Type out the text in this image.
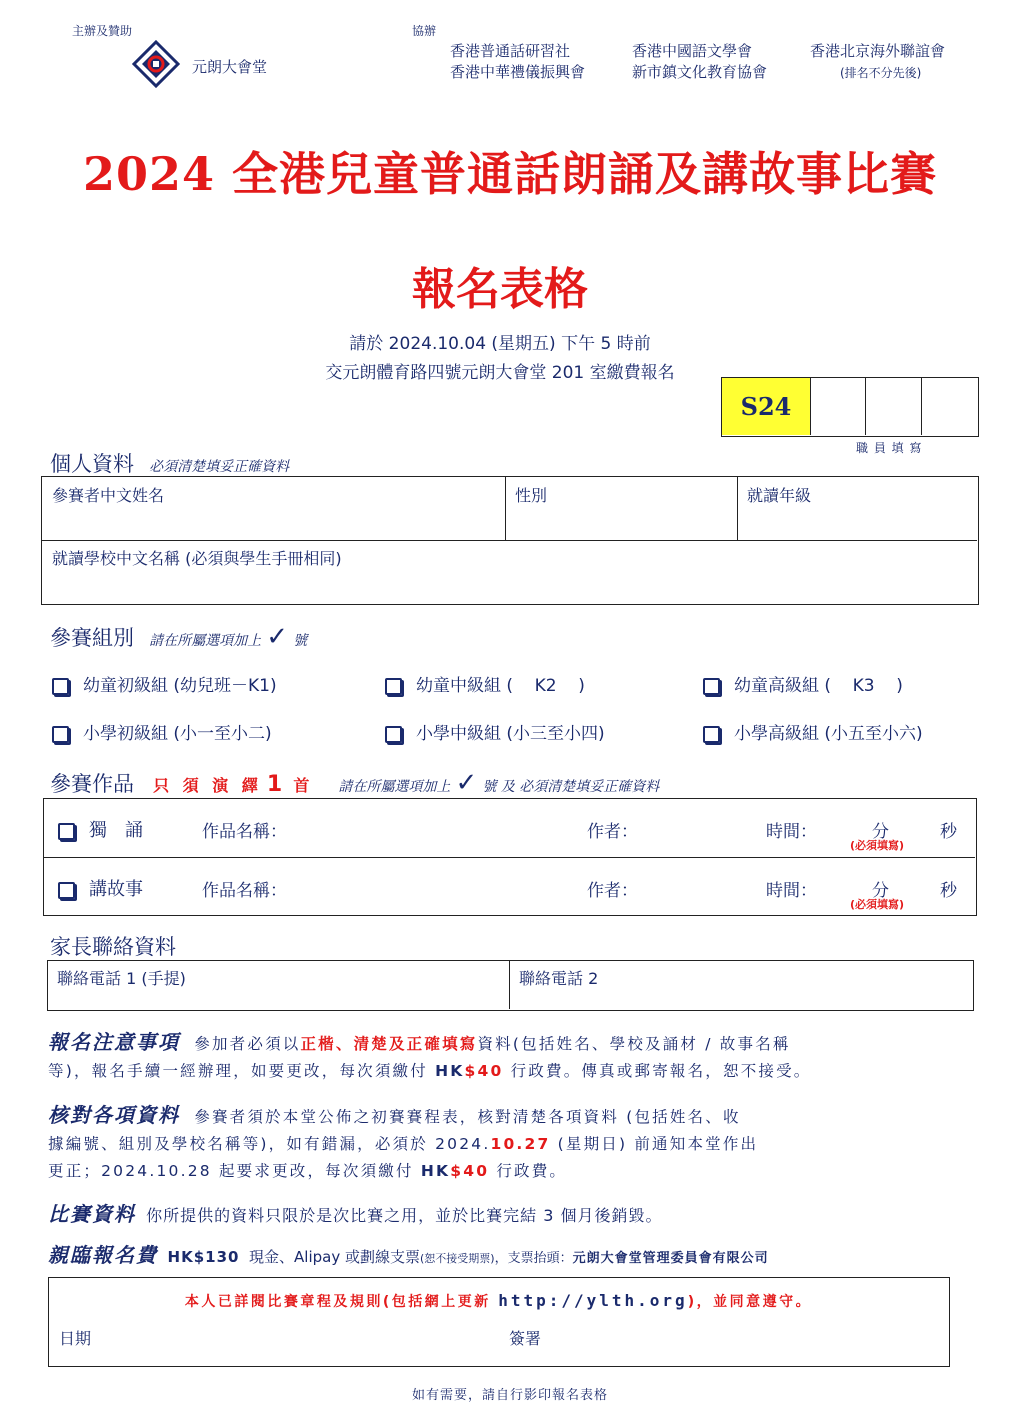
主辦及贊助
元朗大會堂
協辦
香港普通話研習社	香港中國語文學會	香港北京海外聯誼會
香港中華禮儀振興會	新市鎮文化教育協會	(排名不分先後)
2024 全港兒童普通話朗誦及講故事比賽
報名表格
請於 2024.10.04 (星期五) 下午 5 時前
交元朗體育路四號元朗大會堂 201 室繳費報名
S24
職 員 填 寫
個人資料 必須清楚填妥正確資料
參賽者中文姓名	性別	就讀年級
就讀學校中文名稱 (必須與學生手冊相同)
參賽組別 請在所屬選項加上 ✓ 號
幼童初級組 (幼兒班－K1)	幼童中級組 (    K2    )	幼童高級組 (    K3    )
小學初級組 (小一至小二)	小學中級組 (小三至小四)	小學高級組 (小五至小六)
參賽作品 只 須 演 繹 1 首 請在所屬選項加上 ✓ 號 及 必須清楚填妥正確資料
獨　誦	作品名稱：	作者：	時間：	分	秒
(必須填寫)
講故事	作品名稱：	作者：	時間：	分	秒
(必須填寫)
家長聯絡資料
聯絡電話 1 (手提)	聯絡電話 2
報名注意事項 參加者必須以正楷、清楚及正確填寫資料(包括姓名、學校及誦材 / 故事名稱
等)，報名手續一經辦理，如要更改，每次須繳付 HK$40 行政費。傳真或郵寄報名，恕不接受。
核對各項資料 參賽者須於本堂公佈之初賽賽程表，核對清楚各項資料 (包括姓名、收
據編號、組別及學校名稱等)，如有錯漏，必須於 2024.10.27 (星期日) 前通知本堂作出
更正；2024.10.28 起要求更改，每次須繳付 HK$40 行政費。
比賽資料 你所提供的資料只限於是次比賽之用，並於比賽完結 3 個月後銷毀。
親臨報名費 HK$130 現金、Alipay 或劃線支票(恕不接受期票)，支票抬頭：元朗大會堂管理委員會有限公司
本人已詳閱比賽章程及規則(包括網上更新 http://ylth.org)，並同意遵守。
日期	簽署
如有需要，請自行影印報名表格
